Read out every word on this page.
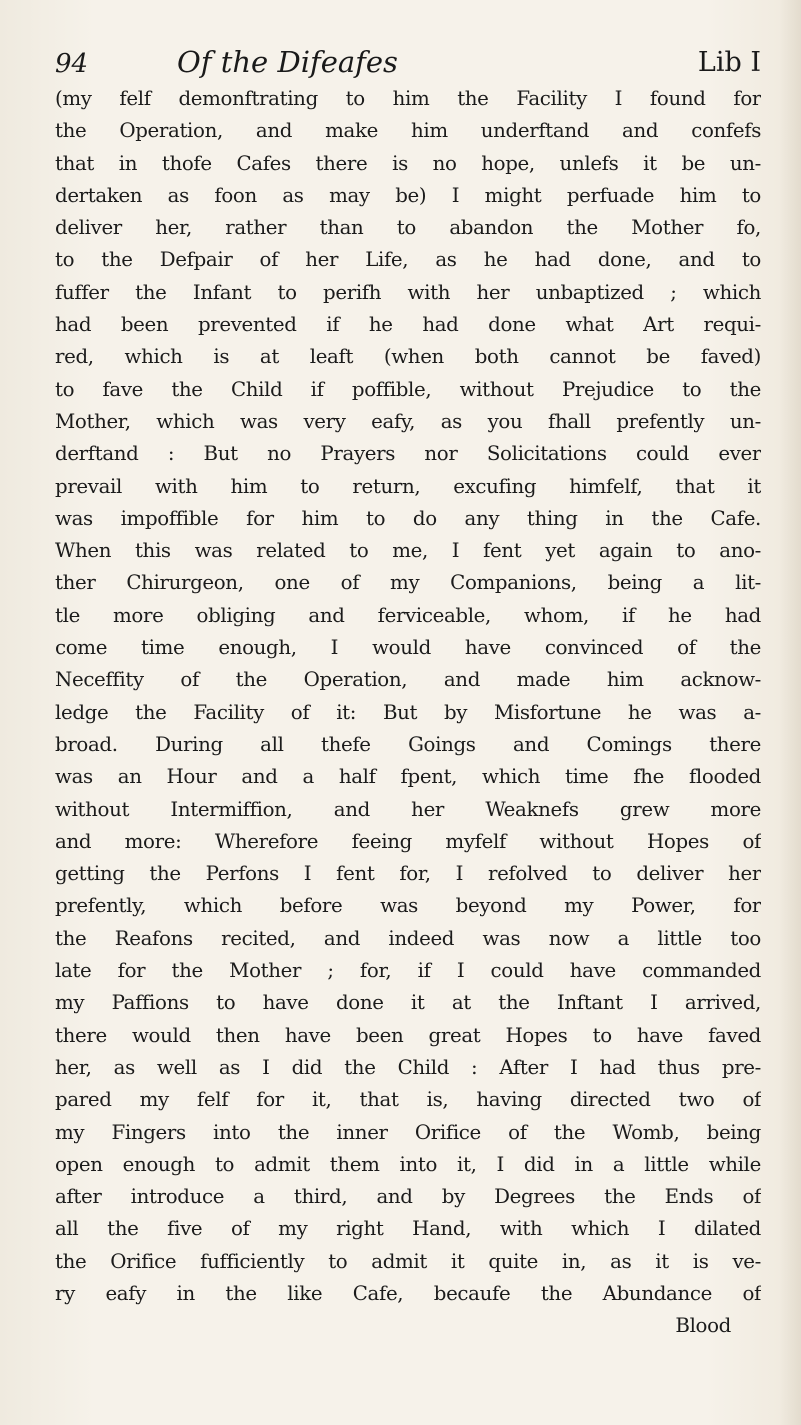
94	Of the Difeafes	Lib I
(my felf demonftrating to him the Facility I found for
the Operation, and make him underftand and confefs
that in thofe Cafes there is no hope, unlefs it be un-
dertaken as foon as may be) I might perfuade him to
deliver her, rather than to abandon the Mother fo,
to the Defpair of her Life, as he had done, and to
fuffer the Infant to perifh with her unbaptized ; which
had been prevented if he had done what Art requi-
red, which is at leaft (when both cannot be faved)
to fave the Child if poffible, without Prejudice to the
Mother, which was very eafy, as you fhall prefently un-
derftand : But no Prayers nor Solicitations could ever
prevail with him to return, excufing himfelf, that it
was impoffible for him to do any thing in the Cafe.
When this was related to me, I fent yet again to ano-
ther Chirurgeon, one of my Companions, being a lit-
tle more obliging and ferviceable, whom, if he had
come time enough, I would have convinced of the
Neceffity of the Operation, and made him acknow-
ledge the Facility of it: But by Misfortune he was a-
broad. During all thefe Goings and Comings there
was an Hour and a half fpent, which time fhe flooded
without Intermiffion, and her Weaknefs grew more
and more: Wherefore feeing myfelf without Hopes of
getting the Perfons I fent for, I refolved to deliver her
prefently, which before was beyond my Power, for
the Reafons recited, and indeed was now a little too
late for the Mother ; for, if I could have commanded
my Paffions to have done it at the Inftant I arrived,
there would then have been great Hopes to have faved
her, as well as I did the Child : After I had thus pre-
pared my felf for it, that is, having directed two of
my Fingers into the inner Orifice of the Womb, being
open enough to admit them into it, I did in a little while
after introduce a third, and by Degrees the Ends of
all the five of my right Hand, with which I dilated
the Orifice fufficiently to admit it quite in, as it is ve-
ry eafy in the like Cafe, becaufe the Abundance of
Blood
